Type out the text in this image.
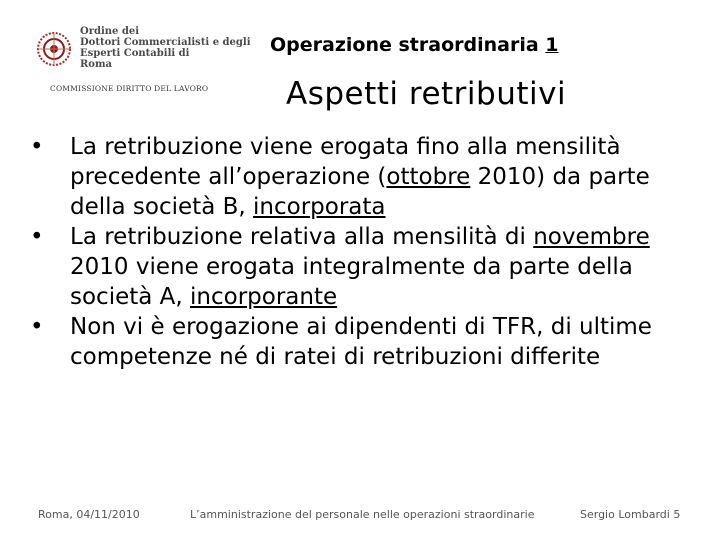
Ordine dei
Dottori Commercialisti e degli
Esperti Contabili di
Roma
COMMISSIONE DIRITTO DEL LAVORO
Operazione straordinaria 1
Aspetti retributivi
• La retribuzione viene erogata fino alla mensilità precedente all’operazione (ottobre 2010) da parte della società B, incorporata
• La retribuzione relativa alla mensilità di novembre 2010 viene erogata integralmente da parte della società A, incorporante
• Non vi è erogazione ai dipendenti di TFR, di ultime competenze né di ratei di retribuzioni differite
Roma, 04/11/2010	L’amministrazione del personale nelle operazioni straordinarie	Sergio Lombardi 5
